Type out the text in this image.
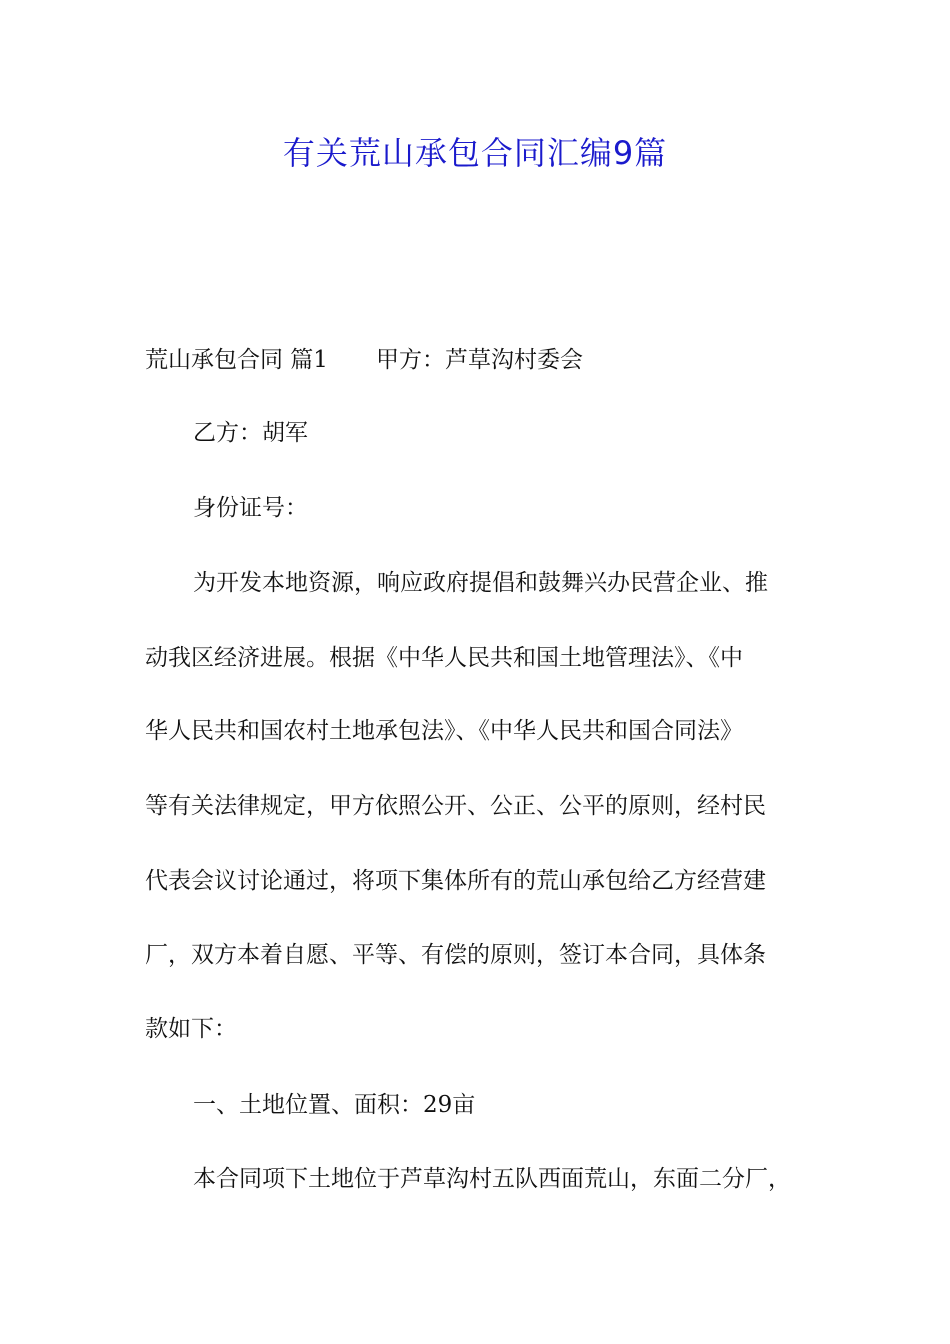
有关荒山承包合同汇编9篇
荒山承包合同 篇1 甲方：芦草沟村委会
乙方：胡军
身份证号：
为开发本地资源，响应政府提倡和鼓舞兴办民营企业、推
动我区经济进展。根据《中华人民共和国土地管理法》、《中
华人民共和国农村土地承包法》、《中华人民共和国合同法》
等有关法律规定，甲方依照公开、公正、公平的原则，经村民
代表会议讨论通过，将项下集体所有的荒山承包给乙方经营建
厂，双方本着自愿、平等、有偿的原则，签订本合同，具体条
款如下：
一、土地位置、面积：29亩
本合同项下土地位于芦草沟村五队西面荒山，东面二分厂，
